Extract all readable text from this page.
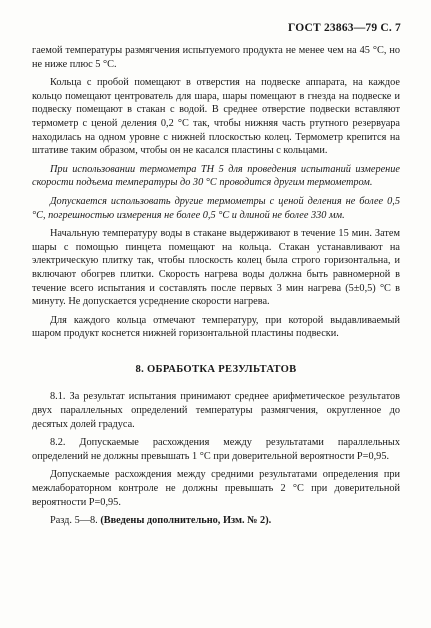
ГОСТ 23863—79 С. 7

гаемой температуры размягчения испытуемого продукта не менее чем на 45 °С, но не ниже плюс 5 °С.

Кольца с пробой помещают в отверстия на подвеске аппарата, на каждое кольцо помещают центрователь для шара, шары помещают в гнезда на подвеске и подвеску помещают в стакан с водой. В среднее отверстие подвески вставляют термометр с ценой деления 0,2 °С так, чтобы нижняя часть ртутного резервуара находилась на одном уровне с нижней плоскостью колец. Термометр крепится на штативе таким образом, чтобы он не касался пластины с кольцами.

При использовании термометра ТН 5 для проведения испытаний измерение скорости подъема температуры до 30 °С проводится другим термометром.

Допускается использовать другие термометры с ценой деления не более 0,5 °С, погрешностью измерения не более 0,5 °С и длиной не более 330 мм.

Начальную температуру воды в стакане выдерживают в течение 15 мин. Затем шары с помощью пинцета помещают на кольца. Стакан устанавливают на электрическую плитку так, чтобы плоскость колец была строго горизонтальна, и включают обогрев плитки. Скорость нагрева воды должна быть равномерной в течение всего испытания и составлять после первых 3 мин нагрева (5±0,5) °С в минуту. Не допускается усреднение скорости нагрева.

Для каждого кольца отмечают температуру, при которой выдавливаемый шаром продукт коснется нижней горизонтальной пластины подвески.

8. ОБРАБОТКА РЕЗУЛЬТАТОВ

8.1. За результат испытания принимают среднее арифметическое результатов двух параллельных определений температуры размягчения, округленное до десятых долей градуса.

8.2. Допускаемые расхождения между результатами параллельных определений не должны превышать 1 °С при доверительной вероятности P=0,95.

Допускаемые расхождения между средними результатами определения при межлабораторном контроле не должны превышать 2 °С при доверительной вероятности P=0,95.

Разд. 5—8. (Введены дополнительно, Изм. № 2).
